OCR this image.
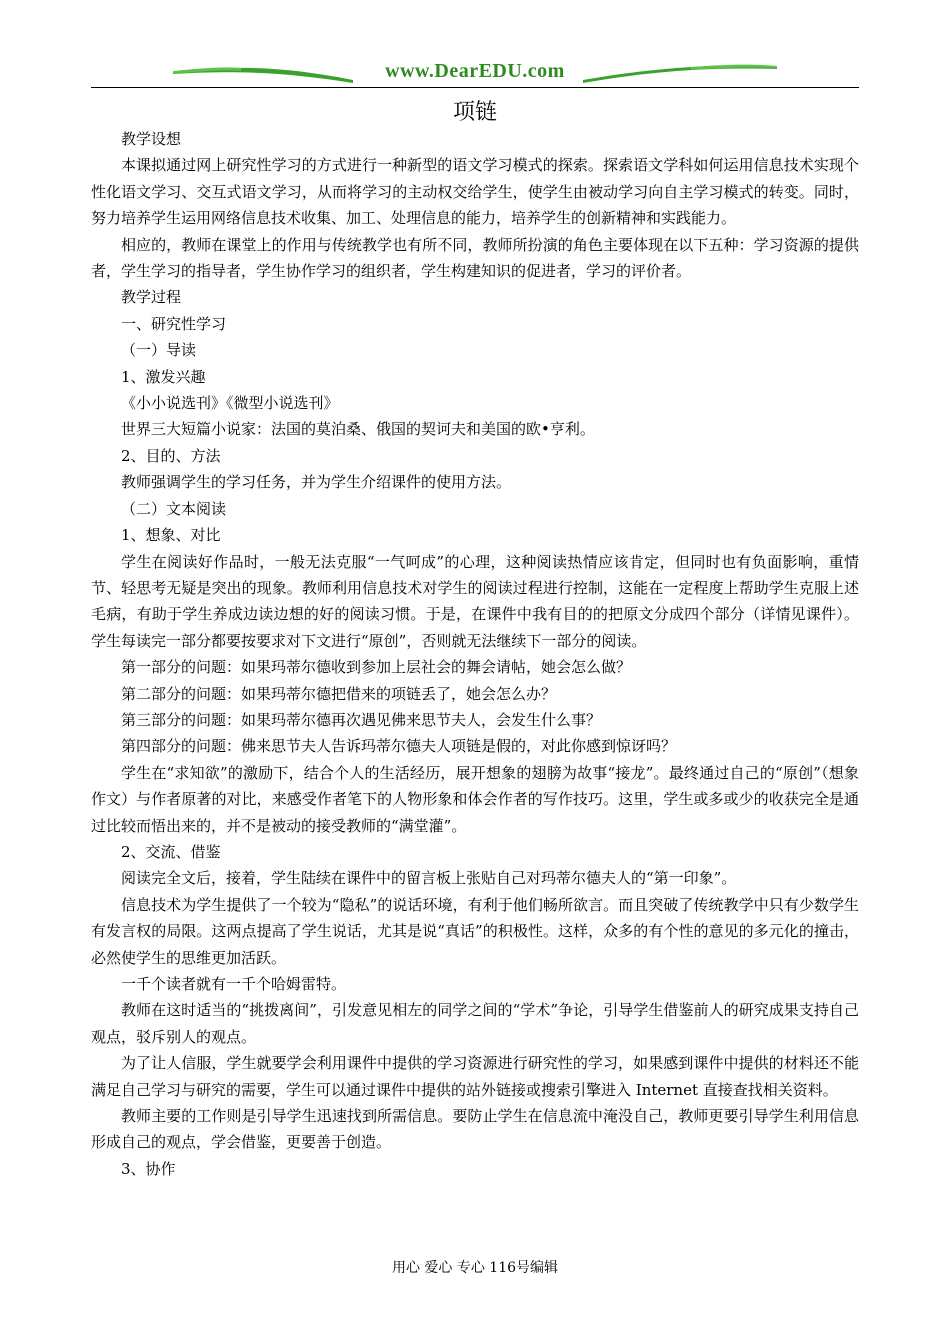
www.DearEDU.com
项链

教学设想

本课拟通过网上研究性学习的方式进行一种新型的语文学习模式的探索。探索语文学科如何运用信息技术实现个性化语文学习、交互式语文学习，从而将学习的主动权交给学生，使学生由被动学习向自主学习模式的转变。同时，努力培养学生运用网络信息技术收集、加工、处理信息的能力，培养学生的创新精神和实践能力。

相应的，教师在课堂上的作用与传统教学也有所不同，教师所扮演的角色主要体现在以下五种：学习资源的提供者，学生学习的指导者，学生协作学习的组织者，学生构建知识的促进者，学习的评价者。

教学过程

一、研究性学习

（一）导读

1、激发兴趣

《小小说选刊》《微型小说选刊》

世界三大短篇小说家：法国的莫泊桑、俄国的契诃夫和美国的欧•亨利。

2、目的、方法

教师强调学生的学习任务，并为学生介绍课件的使用方法。

（二）文本阅读

1、想象、对比

学生在阅读好作品时，一般无法克服“一气呵成”的心理，这种阅读热情应该肯定，但同时也有负面影响，重情节、轻思考无疑是突出的现象。教师利用信息技术对学生的阅读过程进行控制，这能在一定程度上帮助学生克服上述毛病，有助于学生养成边读边想的好的阅读习惯。于是，在课件中我有目的的把原文分成四个部分（详情见课件）。学生每读完一部分都要按要求对下文进行“原创”，否则就无法继续下一部分的阅读。

第一部分的问题：如果玛蒂尔德收到参加上层社会的舞会请帖，她会怎么做？

第二部分的问题：如果玛蒂尔德把借来的项链丢了，她会怎么办？

第三部分的问题：如果玛蒂尔德再次遇见佛来思节夫人，会发生什么事？

第四部分的问题：佛来思节夫人告诉玛蒂尔德夫人项链是假的，对此你感到惊讶吗？

学生在“求知欲”的激励下，结合个人的生活经历，展开想象的翅膀为故事“接龙”。最终通过自己的“原创”（想象作文）与作者原著的对比，来感受作者笔下的人物形象和体会作者的写作技巧。这里，学生或多或少的收获完全是通过比较而悟出来的，并不是被动的接受教师的“满堂灌”。

2、交流、借鉴

阅读完全文后，接着，学生陆续在课件中的留言板上张贴自己对玛蒂尔德夫人的“第一印象”。

信息技术为学生提供了一个较为“隐私”的说话环境，有利于他们畅所欲言。而且突破了传统教学中只有少数学生有发言权的局限。这两点提高了学生说话，尤其是说“真话”的积极性。这样，众多的有个性的意见的多元化的撞击，必然使学生的思维更加活跃。

一千个读者就有一千个哈姆雷特。

教师在这时适当的“挑拨离间”，引发意见相左的同学之间的“学术”争论，引导学生借鉴前人的研究成果支持自己观点，驳斥别人的观点。

为了让人信服，学生就要学会利用课件中提供的学习资源进行研究性的学习，如果感到课件中提供的材料还不能满足自己学习与研究的需要，学生可以通过课件中提供的站外链接或搜索引擎进入 Internet 直接查找相关资料。

教师主要的工作则是引导学生迅速找到所需信息。要防止学生在信息流中淹没自己，教师更要引导学生利用信息形成自己的观点，学会借鉴，更要善于创造。

3、协作

用心 爱心 专心 116号编辑
